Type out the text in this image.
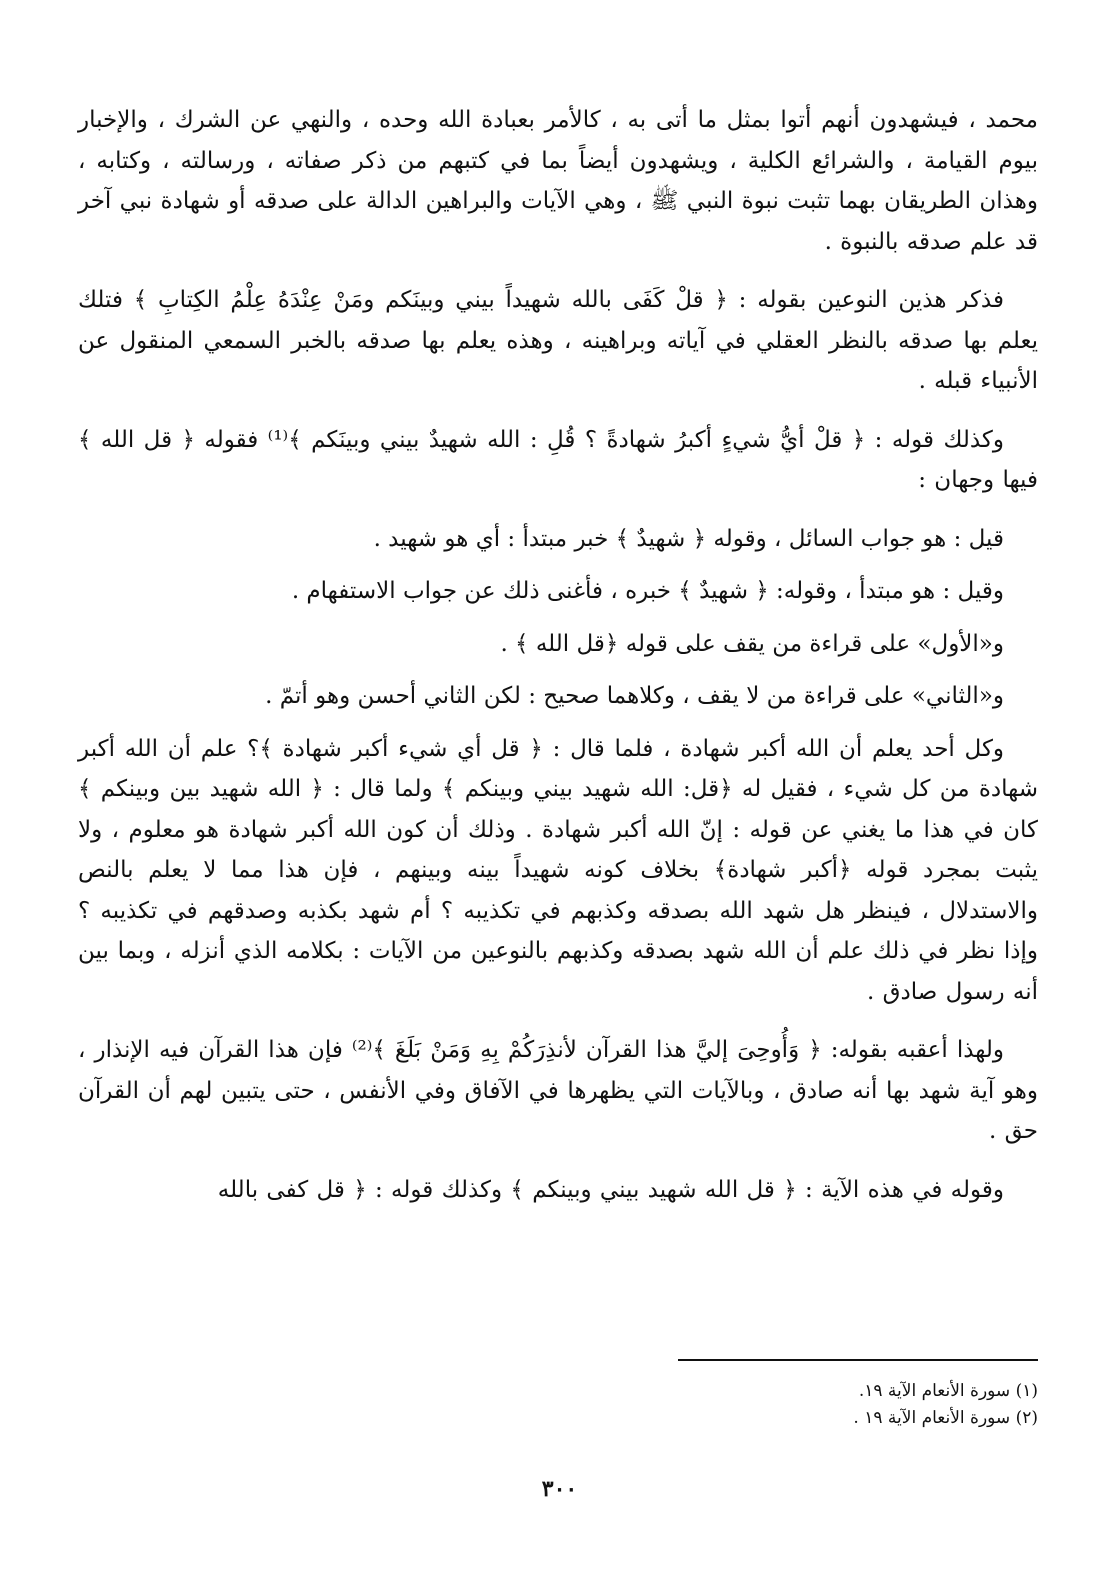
محمد ، فيشهدون أنهم أتوا بمثل ما أتى به ، كالأمر بعبادة الله وحده ، والنهي عن الشرك ، والإخبار بيوم القيامة ، والشرائع الكلية ، ويشهدون أيضاً بما في كتبهم من ذكر صفاته ، ورسالته ، وكتابه ، وهذان الطريقان بهما تثبت نبوة النبي ﷺ ، وهي الآيات والبراهين الدالة على صدقه أو شهادة نبي آخر قد علم صدقه بالنبوة .

فذكر هذين النوعين بقوله : ﴿ قلْ كَفَى بالله شهيداً بيني وبينَكم ومَنْ عِنْدَهُ عِلْمُ الكِتابِ ﴾ فتلك يعلم بها صدقه بالنظر العقلي في آياته وبراهينه ، وهذه يعلم بها صدقه بالخبر السمعي المنقول عن الأنبياء قبله .

وكذلك قوله : ﴿ قلْ أيُّ شيءٍ أكبرُ شهادةً ؟ قُلِ : الله شهيدٌ بيني وبينَكم ﴾⁽¹⁾ فقوله ﴿ قل الله ﴾ فيها وجهان :

قيل : هو جواب السائل ، وقوله ﴿ شهيدٌ ﴾ خبر مبتدأ : أي هو شهيد .

وقيل : هو مبتدأ ، وقوله: ﴿ شهيدٌ ﴾ خبره ، فأغنى ذلك عن جواب الاستفهام .

و«الأول» على قراءة من يقف على قوله ﴿قل الله ﴾ .

و«الثاني» على قراءة من لا يقف ، وكلاهما صحيح : لكن الثاني أحسن وهو أتمّ .

وكل أحد يعلم أن الله أكبر شهادة ، فلما قال : ﴿ قل أي شيء أكبر شهادة ﴾؟ علم أن الله أكبر شهادة من كل شيء ، فقيل له ﴿قل: الله شهيد بيني وبينكم ﴾ ولما قال : ﴿ الله شهيد بين وبينكم ﴾ كان في هذا ما يغني عن قوله : إنّ الله أكبر شهادة . وذلك أن كون الله أكبر شهادة هو معلوم ، ولا يثبت بمجرد قوله ﴿أكبر شهادة﴾ بخلاف كونه شهيداً بينه وبينهم ، فإن هذا مما لا يعلم بالنص والاستدلال ، فينظر هل شهد الله بصدقه وكذبهم في تكذيبه ؟ أم شهد بكذبه وصدقهم في تكذيبه ؟ وإذا نظر في ذلك علم أن الله شهد بصدقه وكذبهم بالنوعين من الآيات : بكلامه الذي أنزله ، وبما بين أنه رسول صادق .

ولهذا أعقبه بقوله: ﴿ وَأُوحِىَ إليَّ هذا القرآن لأنذِرَكُمْ بِهِ وَمَنْ بَلَغَ ﴾⁽²⁾ فإن هذا القرآن فيه الإنذار ، وهو آية شهد بها أنه صادق ، وبالآيات التي يظهرها في الآفاق وفي الأنفس ، حتى يتبين لهم أن القرآن حق .

وقوله في هذه الآية : ﴿ قل الله شهيد بيني وبينكم ﴾ وكذلك قوله : ﴿ قل كفى بالله

(١) سورة الأنعام الآية ١٩.

(٢) سورة الأنعام الآية ١٩ .

٣٠٠
